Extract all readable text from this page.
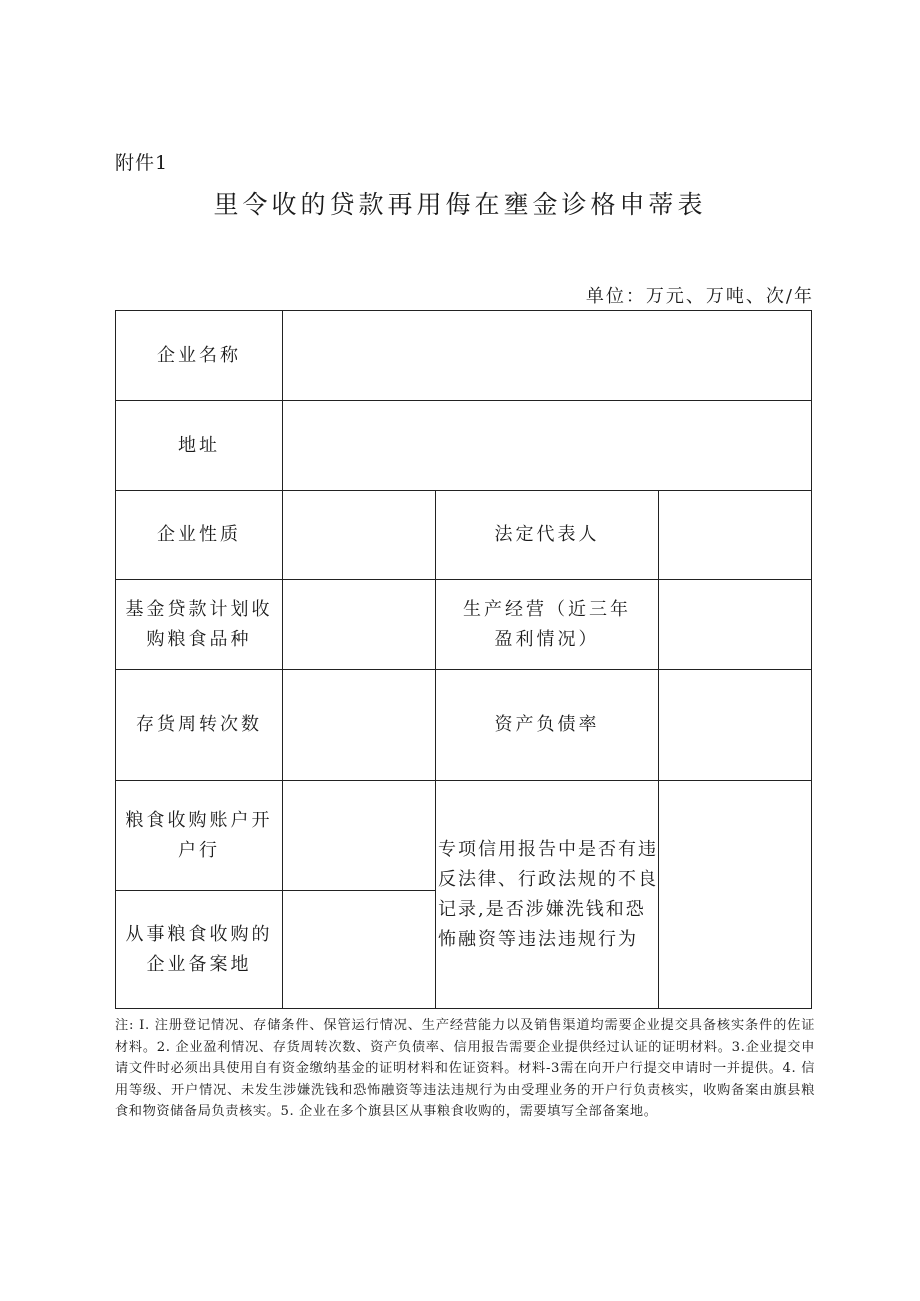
附件1
里令收的贷款再用侮在壅金诊格申蒂表
单位：万元、万吨、次/年
企业名称
地址
企业性质	法定代表人
基金贷款计划收购粮食品种
生产经营（近三年盈利情况）
存货周转次数	资产负债率
粮食收购账户开户行
从事粮食收购的企业备案地
专项信用报告中是否有违反法律、行政法规的不良记录,是否涉嫌洗钱和恐怖融资等违法违规行为
注: I. 注册登记情况、存储条件、保管运行情况、生产经营能力以及销售渠道均需要企业提交具备核实条件的佐证材料。2. 企业盈利情况、存货周转次数、资产负债率、信用报告需要企业提供经过认证的证明材料。3.企业提交申请文件时必须出具使用自有资金缴纳基金的证明材料和佐证资料。材料-3需在向开户行提交申请时一并提供。4. 信用等级、开户情况、未发生涉嫌洗钱和恐怖融资等违法违规行为由受理业务的开户行负责核实，收购备案由旗县粮食和物资储备局负责核实。5. 企业在多个旗县区从事粮食收购的，需要填写全部备案地。
